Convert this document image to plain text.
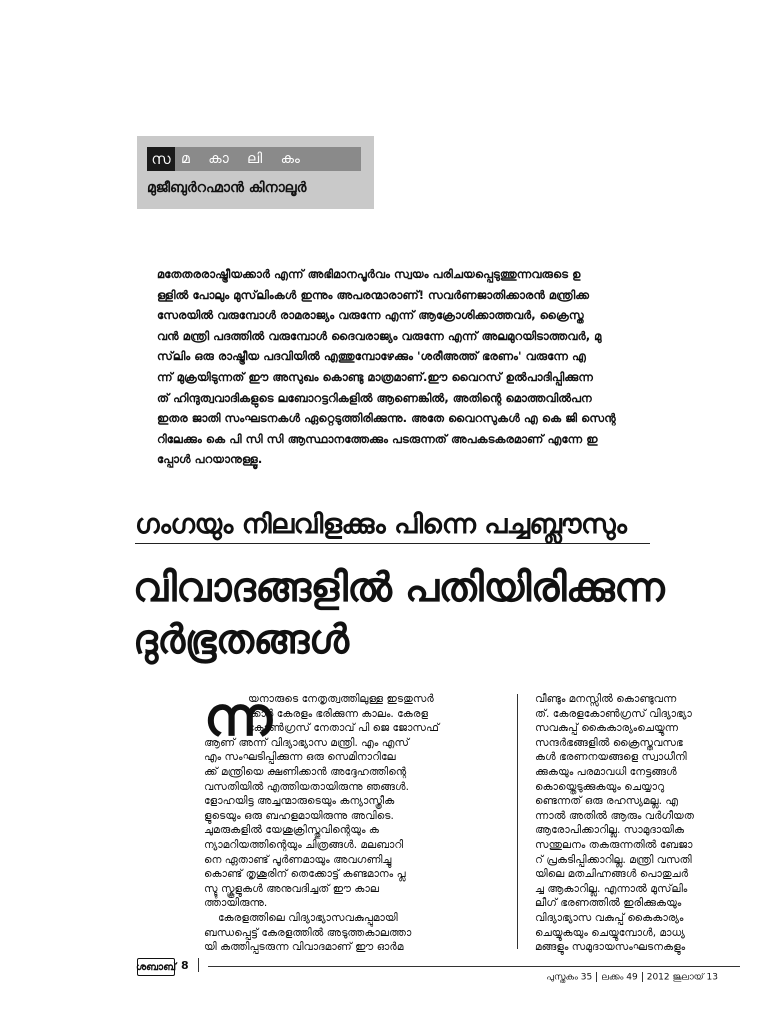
സ മ കാ ലി കം
മുജീബുർറഹ്മാൻ കിനാലൂർ
മതേതരരാഷ്ട്രീയക്കാർ എന്ന് അഭിമാനപൂർവം സ്വയം പരിചയപ്പെടുത്തുന്നവരുടെ ഉ
ള്ളിൽ പോലും മുസ്‌ലിംകൾ ഇന്നും അപരന്മാരാണ്! സവർണജാതിക്കാരൻ മന്ത്രിക്ക
സേരയിൽ വരുമ്പോൾ രാമരാജ്യം വരുന്നേ എന്ന് ആക്രോശിക്കാത്തവർ, ക്രൈസ്ത
വൻ മന്ത്രി പദത്തിൽ വരുമ്പോൾ ദൈവരാജ്യം വരുന്നേ എന്ന് അലമുറയിടാത്തവർ, മു
സ്‌ലിം ഒരു രാഷ്ട്രീയ പദവിയിൽ എത്തുമ്പോഴേക്കും 'ശരീഅത്ത് ഭരണം' വരുന്നേ എ
ന്ന് മുക്രയിടുന്നത് ഈ അസുഖം കൊണ്ടു മാത്രമാണ്.ഈ വൈറസ് ഉൽപാദിപ്പിക്കുന്ന
ത് ഹിന്ദുത്വവാദികളുടെ ലബോറട്ടറികളിൽ ആണെങ്കിൽ, അതിന്റെ മൊത്തവിൽപന
ഇതര ജാതി സംഘടനകൾ ഏറ്റെടുത്തിരിക്കുന്നു. അതേ വൈറസുകൾ എ കെ ജി സെന്റ
റിലേക്കും കെ പി സി സി ആസ്ഥാനത്തേക്കും പടരുന്നത് അപകടകരമാണ് എന്നേ ഇ
പ്പോൾ പറയാനുള്ളൂ.
ഗംഗയും നിലവിളക്കും പിന്നെ പച്ചബ്ലൗസും
വിവാദങ്ങളിൽ പതിയിരിക്കുന്ന
ദുർഭൂതങ്ങൾ
ന്ന
യനാരുടെ നേതൃത്വത്തിലുള്ള ഇടതുസർ
ക്കാർ കേരളം ഭരിക്കുന്ന കാലം. കേരള
കോൺഗ്രസ് നേതാവ് പി ജെ ജോസഫ്
ആണ് അന്ന് വിദ്യാഭ്യാസ മന്ത്രി. എം എസ്
എം സംഘടിപ്പിക്കുന്ന ഒരു സെമിനാറിലേ
ക്ക് മന്ത്രിയെ ക്ഷണിക്കാൻ അദ്ദേഹത്തിന്റെ
വസതിയിൽ എത്തിയതായിരുന്നു ഞങ്ങൾ.
ളോഹയിട്ട അച്ചന്മാരുടെയും കന്യാസ്ത്രീക
ളുടെയും ഒരു ബഹളമായിരുന്നു അവിടെ.
ചുമരുകളിൽ യേശുക്രിസ്തുവിന്റെയും ക
ന്യാമറിയത്തിന്റെയും ചിത്രങ്ങൾ. മലബാറി
നെ ഏതാണ്ട് പൂർണമായും അവഗണിച്ചു
കൊണ്ട് തൃശൂരിന് തെക്കോട്ട് കണ്ടമാനം പ്ല
സ്ടു സ്കൂളുകൾ അനുവദിച്ചത് ഈ കാല
ത്തായിരുന്നു.
കേരളത്തിലെ വിദ്യാഭ്യാസവകുപ്പുമായി
ബന്ധപ്പെട്ട് കേരളത്തിൽ അടുത്തകാലത്താ
യി കത്തിപ്പടരുന്ന വിവാദമാണ് ഈ ഓർമ
വീണ്ടും മനസ്സിൽ കൊണ്ടുവന്ന
ത്. കേരളകോൺഗ്രസ് വിദ്യാഭ്യാ
സവകുപ്പ് കൈകാര്യംചെയ്യുന്ന
സന്ദർഭങ്ങളിൽ ക്രൈസ്തവസഭ
കൾ ഭരണനയങ്ങളെ സ്വാധീനി
ക്കുകയും പരമാവധി നേട്ടങ്ങൾ
കൊയ്തെടുക്കുകയും ചെയ്യാറു
ണ്ടെന്നത് ഒരു രഹസ്യമല്ല. എ
ന്നാൽ അതിൽ ആരും വർഗീയത
ആരോപിക്കാറില്ല. സാമുദായിക
സന്തുലനം തകരുന്നതിൽ ബേജാ
റ് പ്രകടിപ്പിക്കാറില്ല. മന്ത്രി വസതി
യിലെ മതചിഹ്നങ്ങൾ പൊതുചർ
ച്ച ആകാറില്ല. എന്നാൽ മുസ്‌ലിം
ലീഗ് ഭരണത്തിൽ ഇരിക്കുകയും
വിദ്യാഭ്യാസ വകുപ്പ് കൈകാര്യം
ചെയ്യുകയും ചെയ്യുമ്പോൾ, മാധ്യ
മങ്ങളും സമുദായസംഘടനകളും
ശബാബ് 8
പുസ്തകം 35 ലക്കം 49 2012 ജൂലായ് 13
